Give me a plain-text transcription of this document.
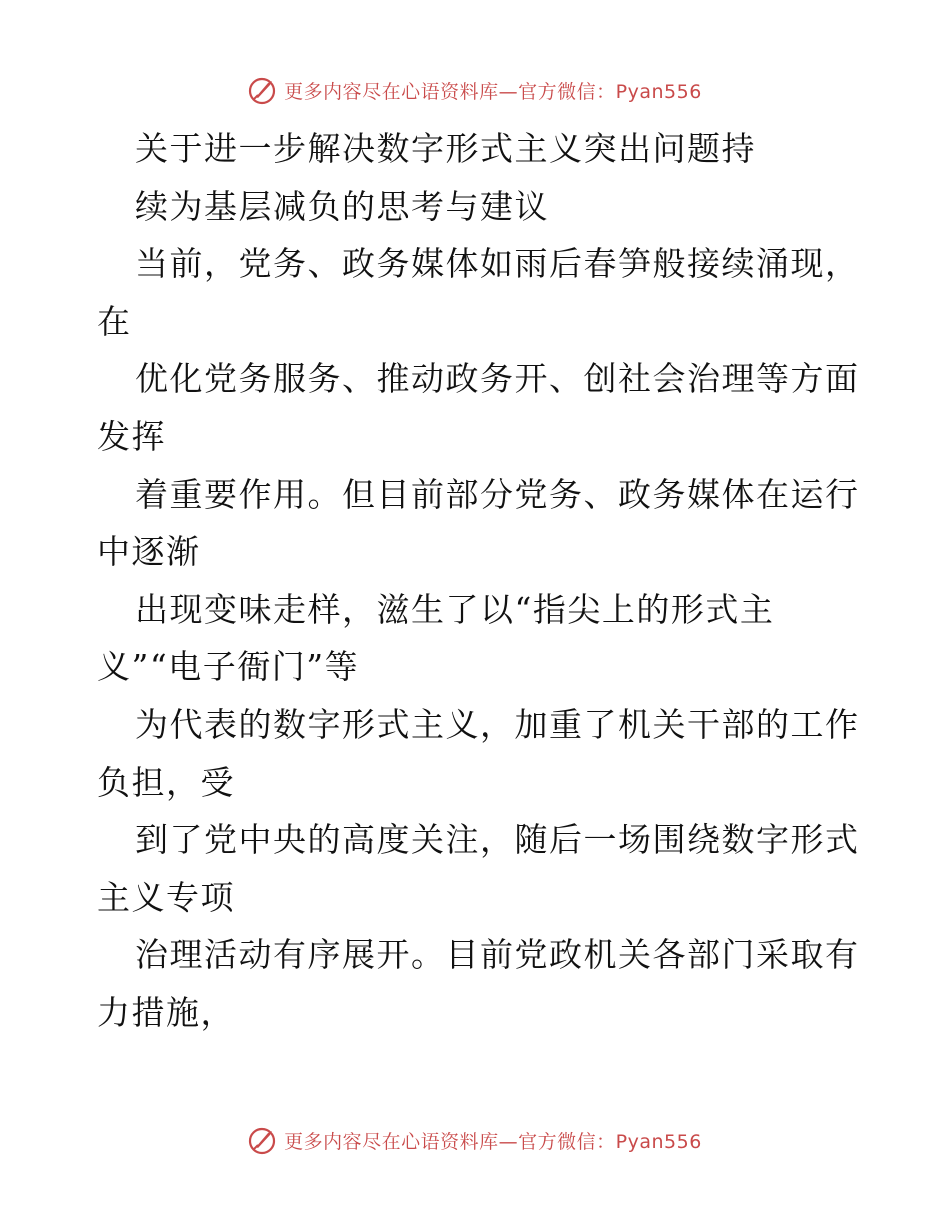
更多内容尽在心语资料库—官方微信：Pyan556
关于进一步解决数字形式主义突出问题持
续为基层减负的思考与建议
当前，党务、政务媒体如雨后春笋般接续涌现，
在
优化党务服务、推动政务开、创社会治理等方面
发挥
着重要作用。但目前部分党务、政务媒体在运行
中逐渐
出现变味走样，滋生了以“指尖上的形式主
义”“电子衙门”等
为代表的数字形式主义，加重了机关干部的工作
负担，受
到了党中央的高度关注，随后一场围绕数字形式
主义专项
治理活动有序展开。目前党政机关各部门采取有
力措施，
更多内容尽在心语资料库—官方微信：Pyan556
